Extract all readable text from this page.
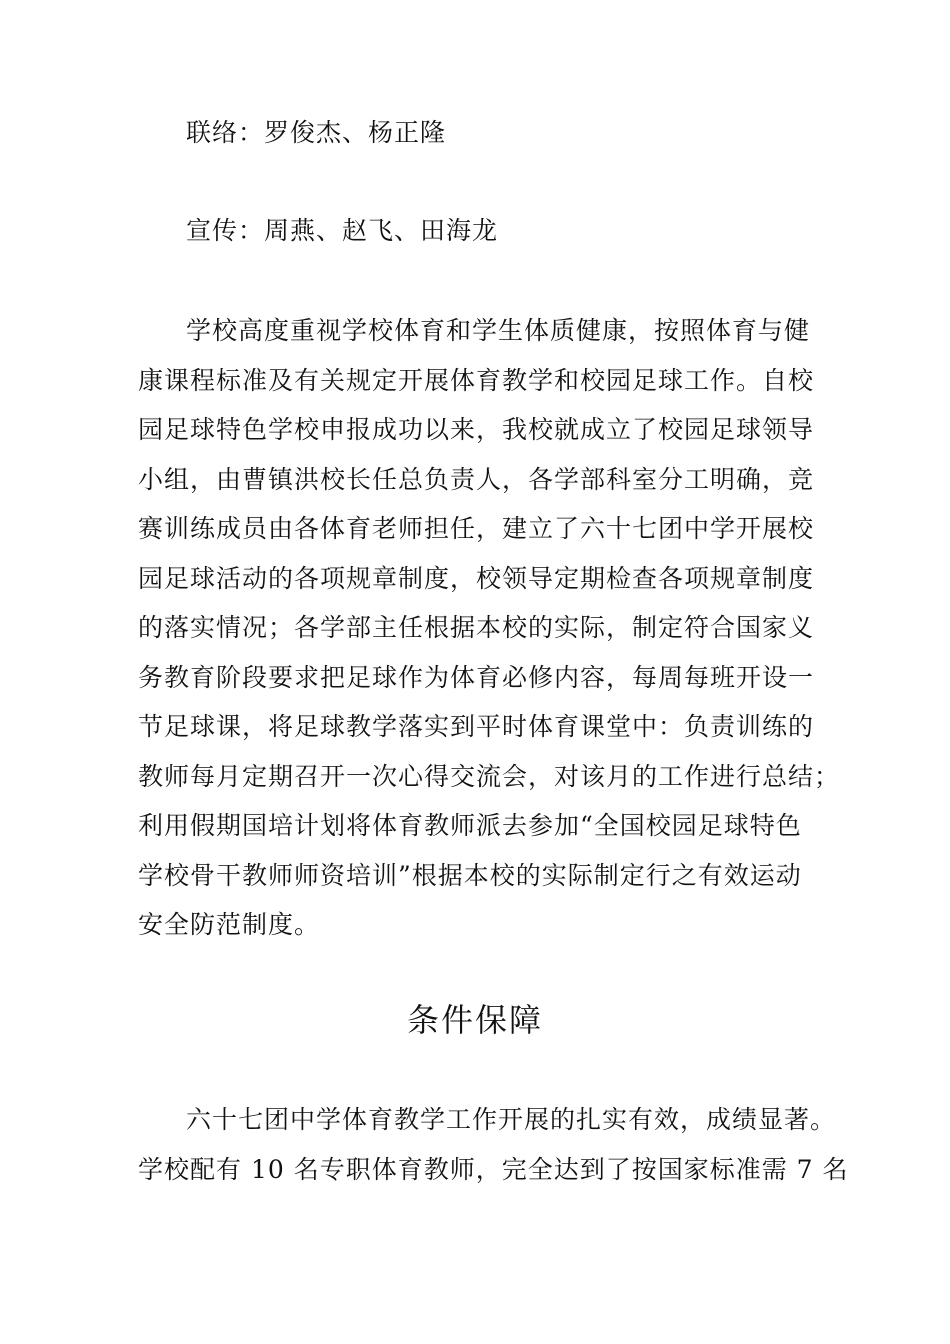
联络：罗俊杰、杨正隆
宣传：周燕、赵飞、田海龙
学校高度重视学校体育和学生体质健康，按照体育与健
康课程标准及有关规定开展体育教学和校园足球工作。自校
园足球特色学校申报成功以来，我校就成立了校园足球领导
小组，由曹镇洪校长任总负责人，各学部科室分工明确，竞
赛训练成员由各体育老师担任，建立了六十七团中学开展校
园足球活动的各项规章制度，校领导定期检查各项规章制度
的落实情况；各学部主任根据本校的实际，制定符合国家义
务教育阶段要求把足球作为体育必修内容，每周每班开设一
节足球课，将足球教学落实到平时体育课堂中：负责训练的
教师每月定期召开一次心得交流会，对该月的工作进行总结；
利用假期国培计划将体育教师派去参加“全国校园足球特色
学校骨干教师师资培训”根据本校的实际制定行之有效运动
安全防范制度。
条件保障
六十七团中学体育教学工作开展的扎实有效，成绩显著。
学校配有 10 名专职体育教师，完全达到了按国家标准需 7 名
